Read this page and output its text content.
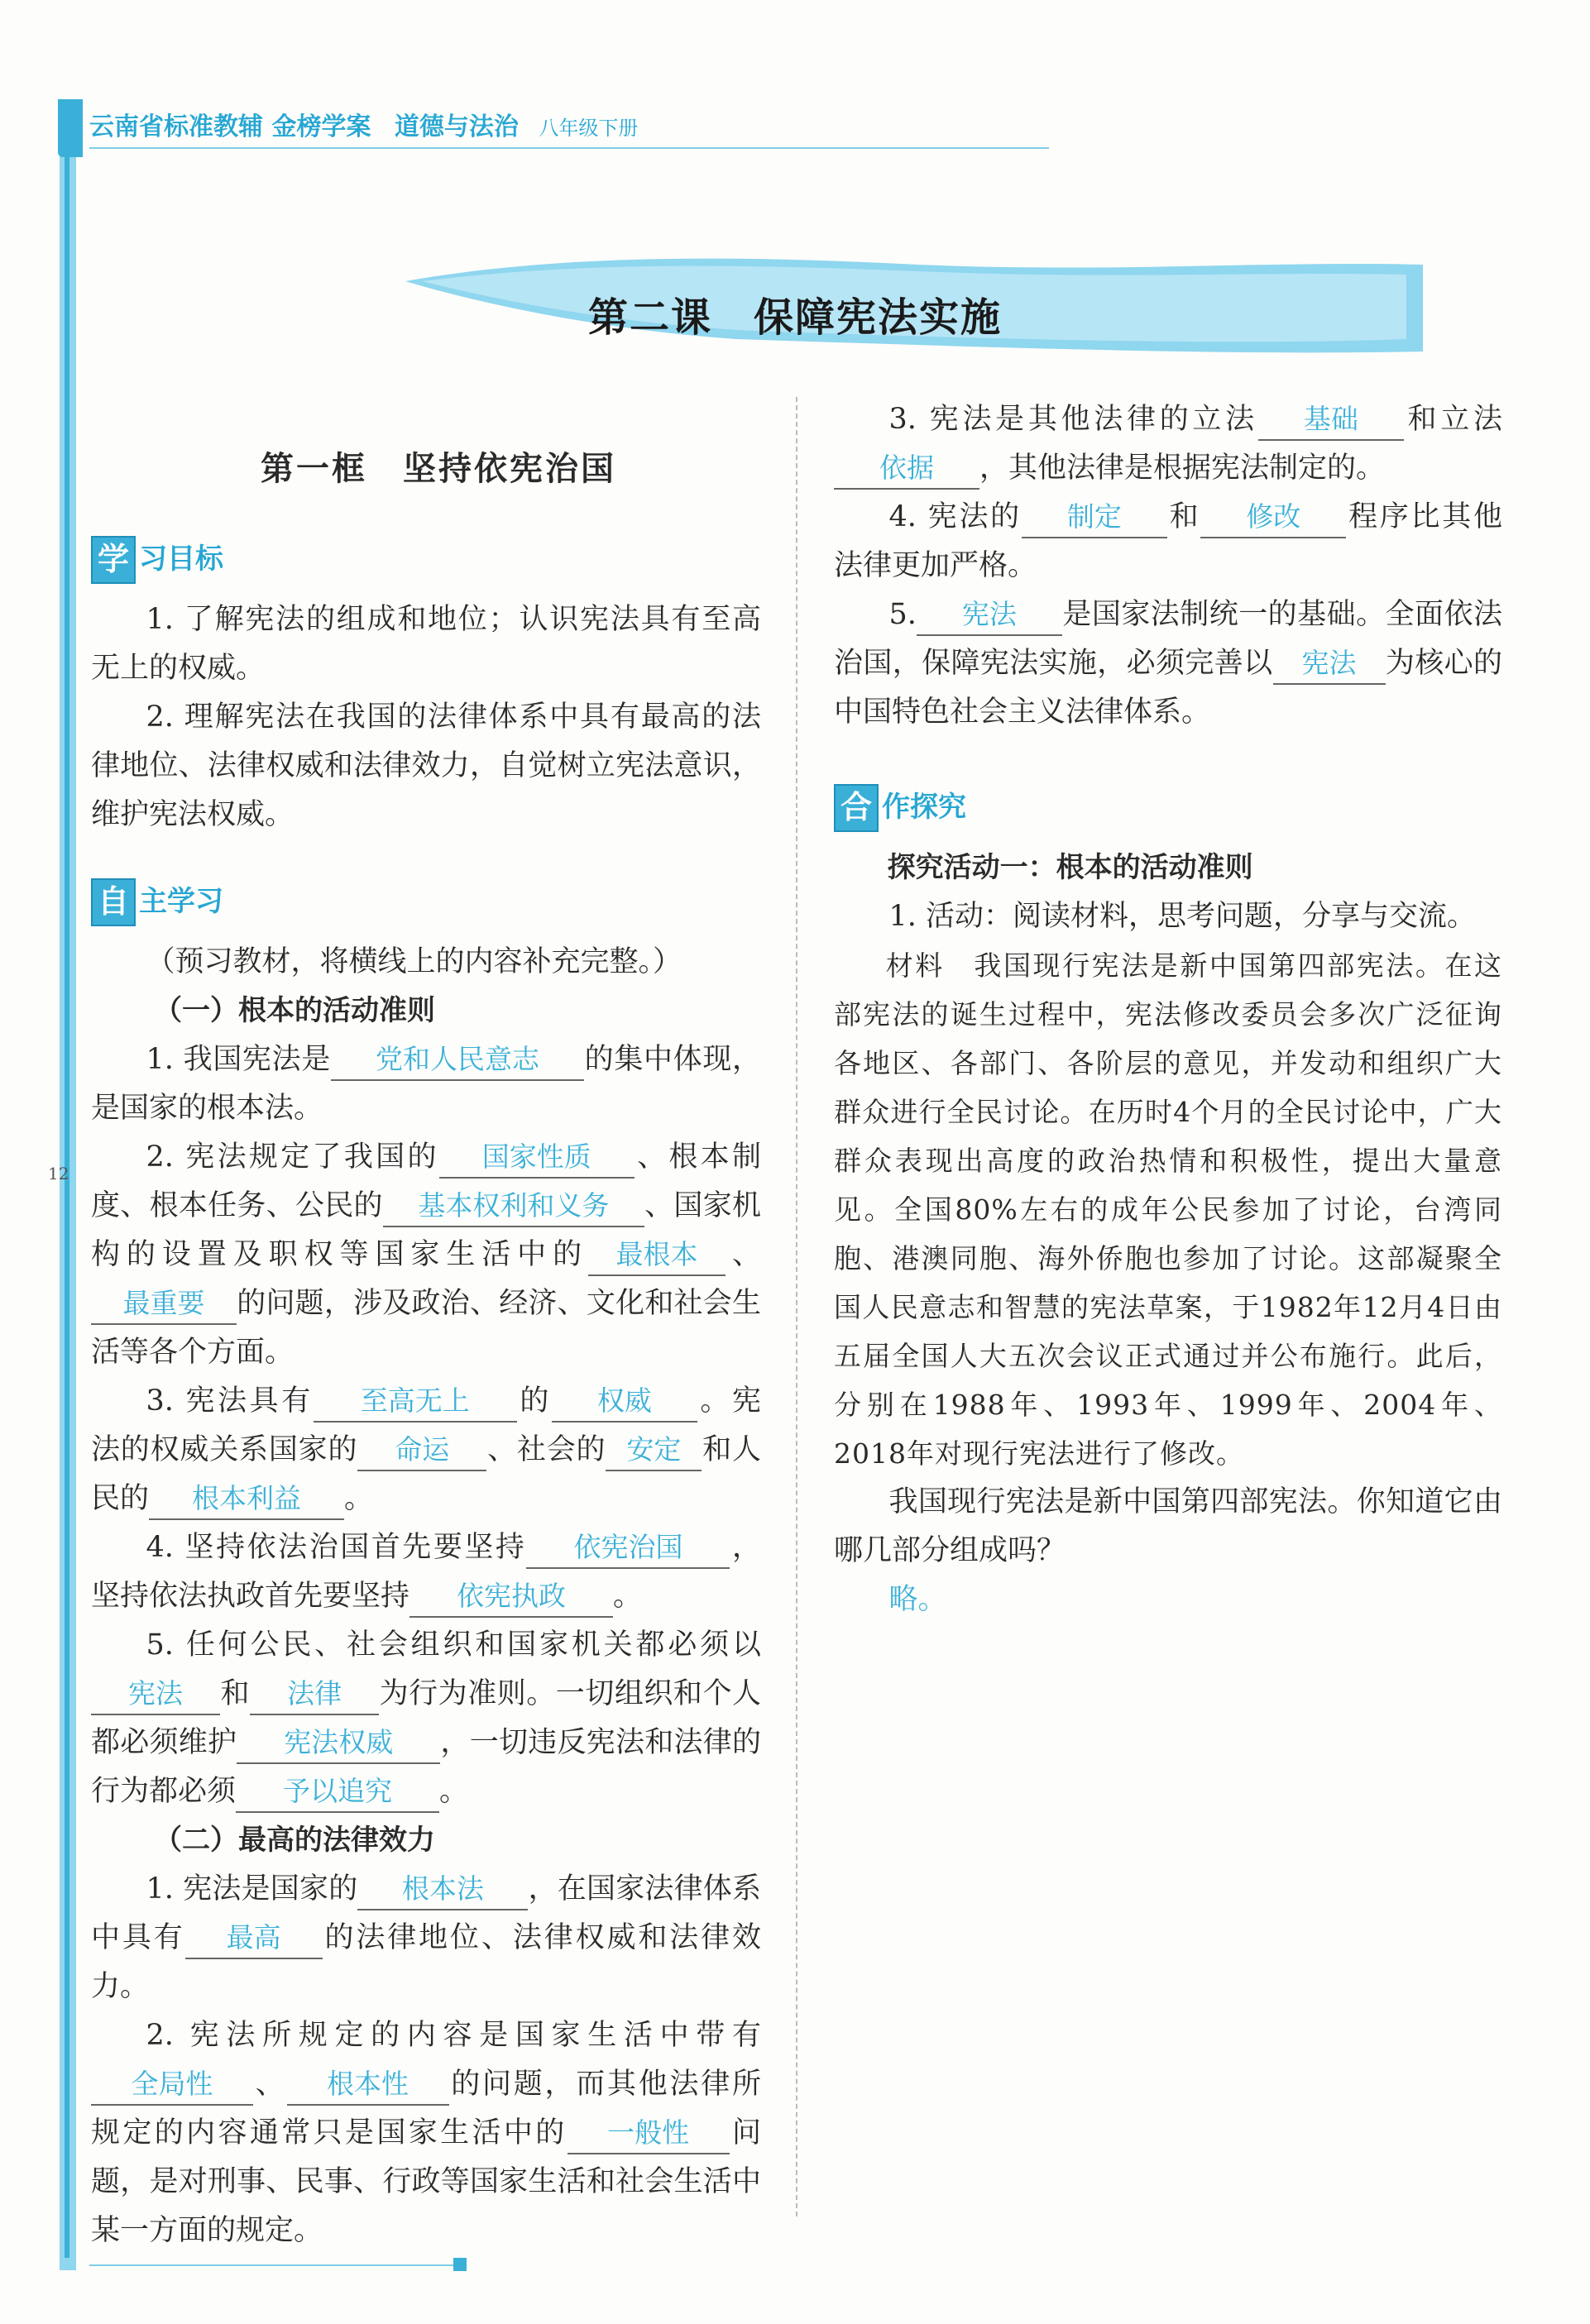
云南省标准教辅 金榜学案 道德与法治 八年级下册
12
第二课　保障宪法实施
第一框　坚持依宪治国
学 习目标

1. 了解宪法的组成和地位；认识宪法具有至高无上的权威。

2. 理解宪法在我国的法律体系中具有最高的法律地位、法律权威和法律效力，自觉树立宪法意识，维护宪法权威。

自 主学习

（预习教材，将横线上的内容补充完整。）

（一）根本的活动准则

1. 我国宪法是 党和人民意志 的集中体现，是国家的根本法。

2. 宪法规定了我国的 国家性质 、根本制度、根本任务、公民的 基本权利和义务 、国家机构的设置及职权等国家生活中的 最根本 、最重要 的问题，涉及政治、经济、文化和社会生活等各个方面。

3. 宪法具有 至高无上 的 权威 。宪法的权威关系国家的 命运 、社会的 安定 和人民的 根本利益 。

4. 坚持依法治国首先要坚持 依宪治国 ，坚持依法执政首先要坚持 依宪执政 。

5. 任何公民、社会组织和国家机关都必须以宪法 和 法律 为行为准则。一切组织和个人都必须维护 宪法权威 ，一切违反宪法和法律的行为都必须 予以追究 。

（二）最高的法律效力

1. 宪法是国家的 根本法 ，在国家法律体系中具有 最高 的法律地位、法律权威和法律效力。

2. 宪法所规定的内容是国家生活中带有全局性 、 根本性 的问题，而其他法律所规定的内容通常只是国家生活中的 一般性 问题，是对刑事、民事、行政等国家生活和社会生活中某一方面的规定。

3. 宪法是其他法律的立法 基础 和立法依据 ，其他法律是根据宪法制定的。

4. 宪法的 制定 和 修改 程序比其他法律更加严格。

5. 宪法 是国家法制统一的基础。全面依法治国，保障宪法实施，必须完善以 宪法 为核心的中国特色社会主义法律体系。

合 作探究

探究活动一：根本的活动准则

1. 活动：阅读材料，思考问题，分享与交流。

材料　 我国现行宪法是新中国第四部宪法。在这部宪法的诞生过程中，宪法修改委员会多次广泛征询各地区、各部门、各阶层的意见，并发动和组织广大群众进行全民讨论。在历时4个月的全民讨论中，广大群众表现出高度的政治热情和积极性，提出大量意见。全国80%左右的成年公民参加了讨论，台湾同胞、港澳同胞、海外侨胞也参加了讨论。这部凝聚全国人民意志和智慧的宪法草案，于1982年12月4日由五届全国人大五次会议正式通过并公布施行。此后，分别在1988年、1993年、1999年、2004年、2018年对现行宪法进行了修改。

我国现行宪法是新中国第四部宪法。你知道它由哪几部分组成吗？

略。
